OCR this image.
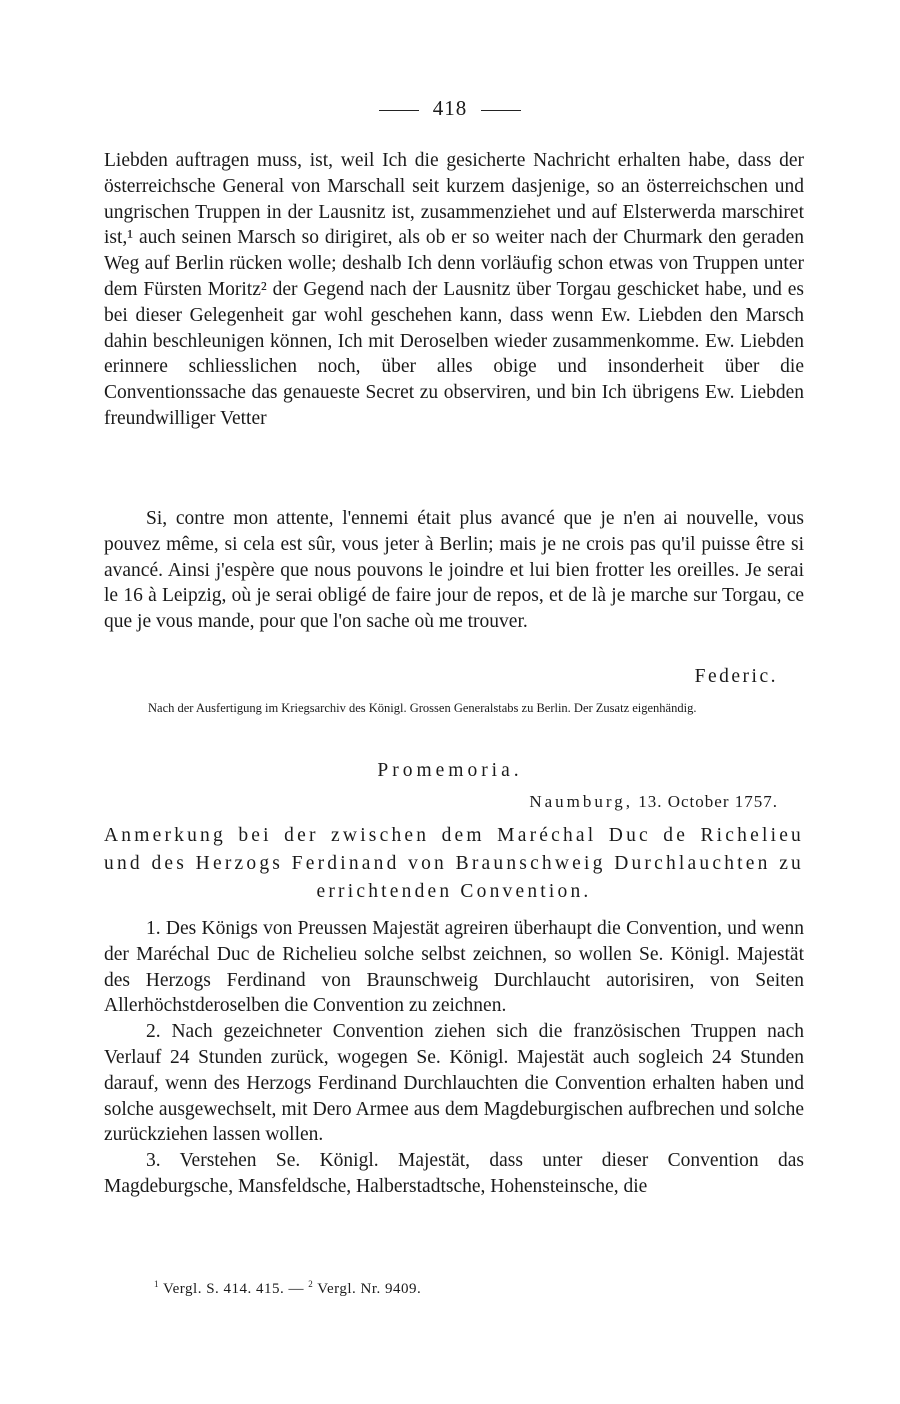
418

Liebden auftragen muss, ist, weil Ich die gesicherte Nachricht erhalten habe, dass der österreichsche General von Marschall seit kurzem dasjenige, so an österreichschen und ungrischen Truppen in der Lausnitz ist, zusammenziehet und auf Elsterwerda marschiret ist,¹ auch seinen Marsch so dirigiret, als ob er so weiter nach der Churmark den geraden Weg auf Berlin rücken wolle; deshalb Ich denn vorläufig schon etwas von Truppen unter dem Fürsten Moritz² der Gegend nach der Lausnitz über Torgau geschicket habe, und es bei dieser Gelegenheit gar wohl geschehen kann, dass wenn Ew. Liebden den Marsch dahin beschleunigen können, Ich mit Deroselben wieder zusammenkomme. Ew. Liebden erinnere schliesslichen noch, über alles obige und insonderheit über die Conventionssache das genaueste Secret zu observiren, und bin Ich übrigens Ew. Liebden freundwilliger Vetter

Si, contre mon attente, l'ennemi était plus avancé que je n'en ai nouvelle, vous pouvez même, si cela est sûr, vous jeter à Berlin; mais je ne crois pas qu'il puisse être si avancé. Ainsi j'espère que nous pouvons le joindre et lui bien frotter les oreilles. Je serai le 16 à Leipzig, où je serai obligé de faire jour de repos, et de là je marche sur Torgau, ce que je vous mande, pour que l'on sache où me trouver.

Federic.
Nach der Ausfertigung im Kriegsarchiv des Königl. Grossen Generalstabs zu Berlin. Der Zusatz eigenhändig.
Promemoria.
Naumburg, 13. October 1757.
Anmerkung bei der zwischen dem Maréchal Duc de Richelieu und des Herzogs Ferdinand von Braunschweig Durchlauchten zu errichtenden Convention.

1. Des Königs von Preussen Majestät agreiren überhaupt die Convention, und wenn der Maréchal Duc de Richelieu solche selbst zeichnen, so wollen Se. Königl. Majestät des Herzogs Ferdinand von Braunschweig Durchlaucht autorisiren, von Seiten Allerhöchstderoselben die Convention zu zeichnen.

2. Nach gezeichneter Convention ziehen sich die französischen Truppen nach Verlauf 24 Stunden zurück, wogegen Se. Königl. Majestät auch sogleich 24 Stunden darauf, wenn des Herzogs Ferdinand Durchlauchten die Convention erhalten haben und solche ausgewechselt, mit Dero Armee aus dem Magdeburgischen aufbrechen und solche zurückziehen lassen wollen.

3. Verstehen Se. Königl. Majestät, dass unter dieser Convention das Magdeburgsche, Mansfeldsche, Halberstadtsche, Hohensteinsche, die

$^1$ Vergl. S. 414. 415. — $^2$ Vergl. Nr. 9409.
